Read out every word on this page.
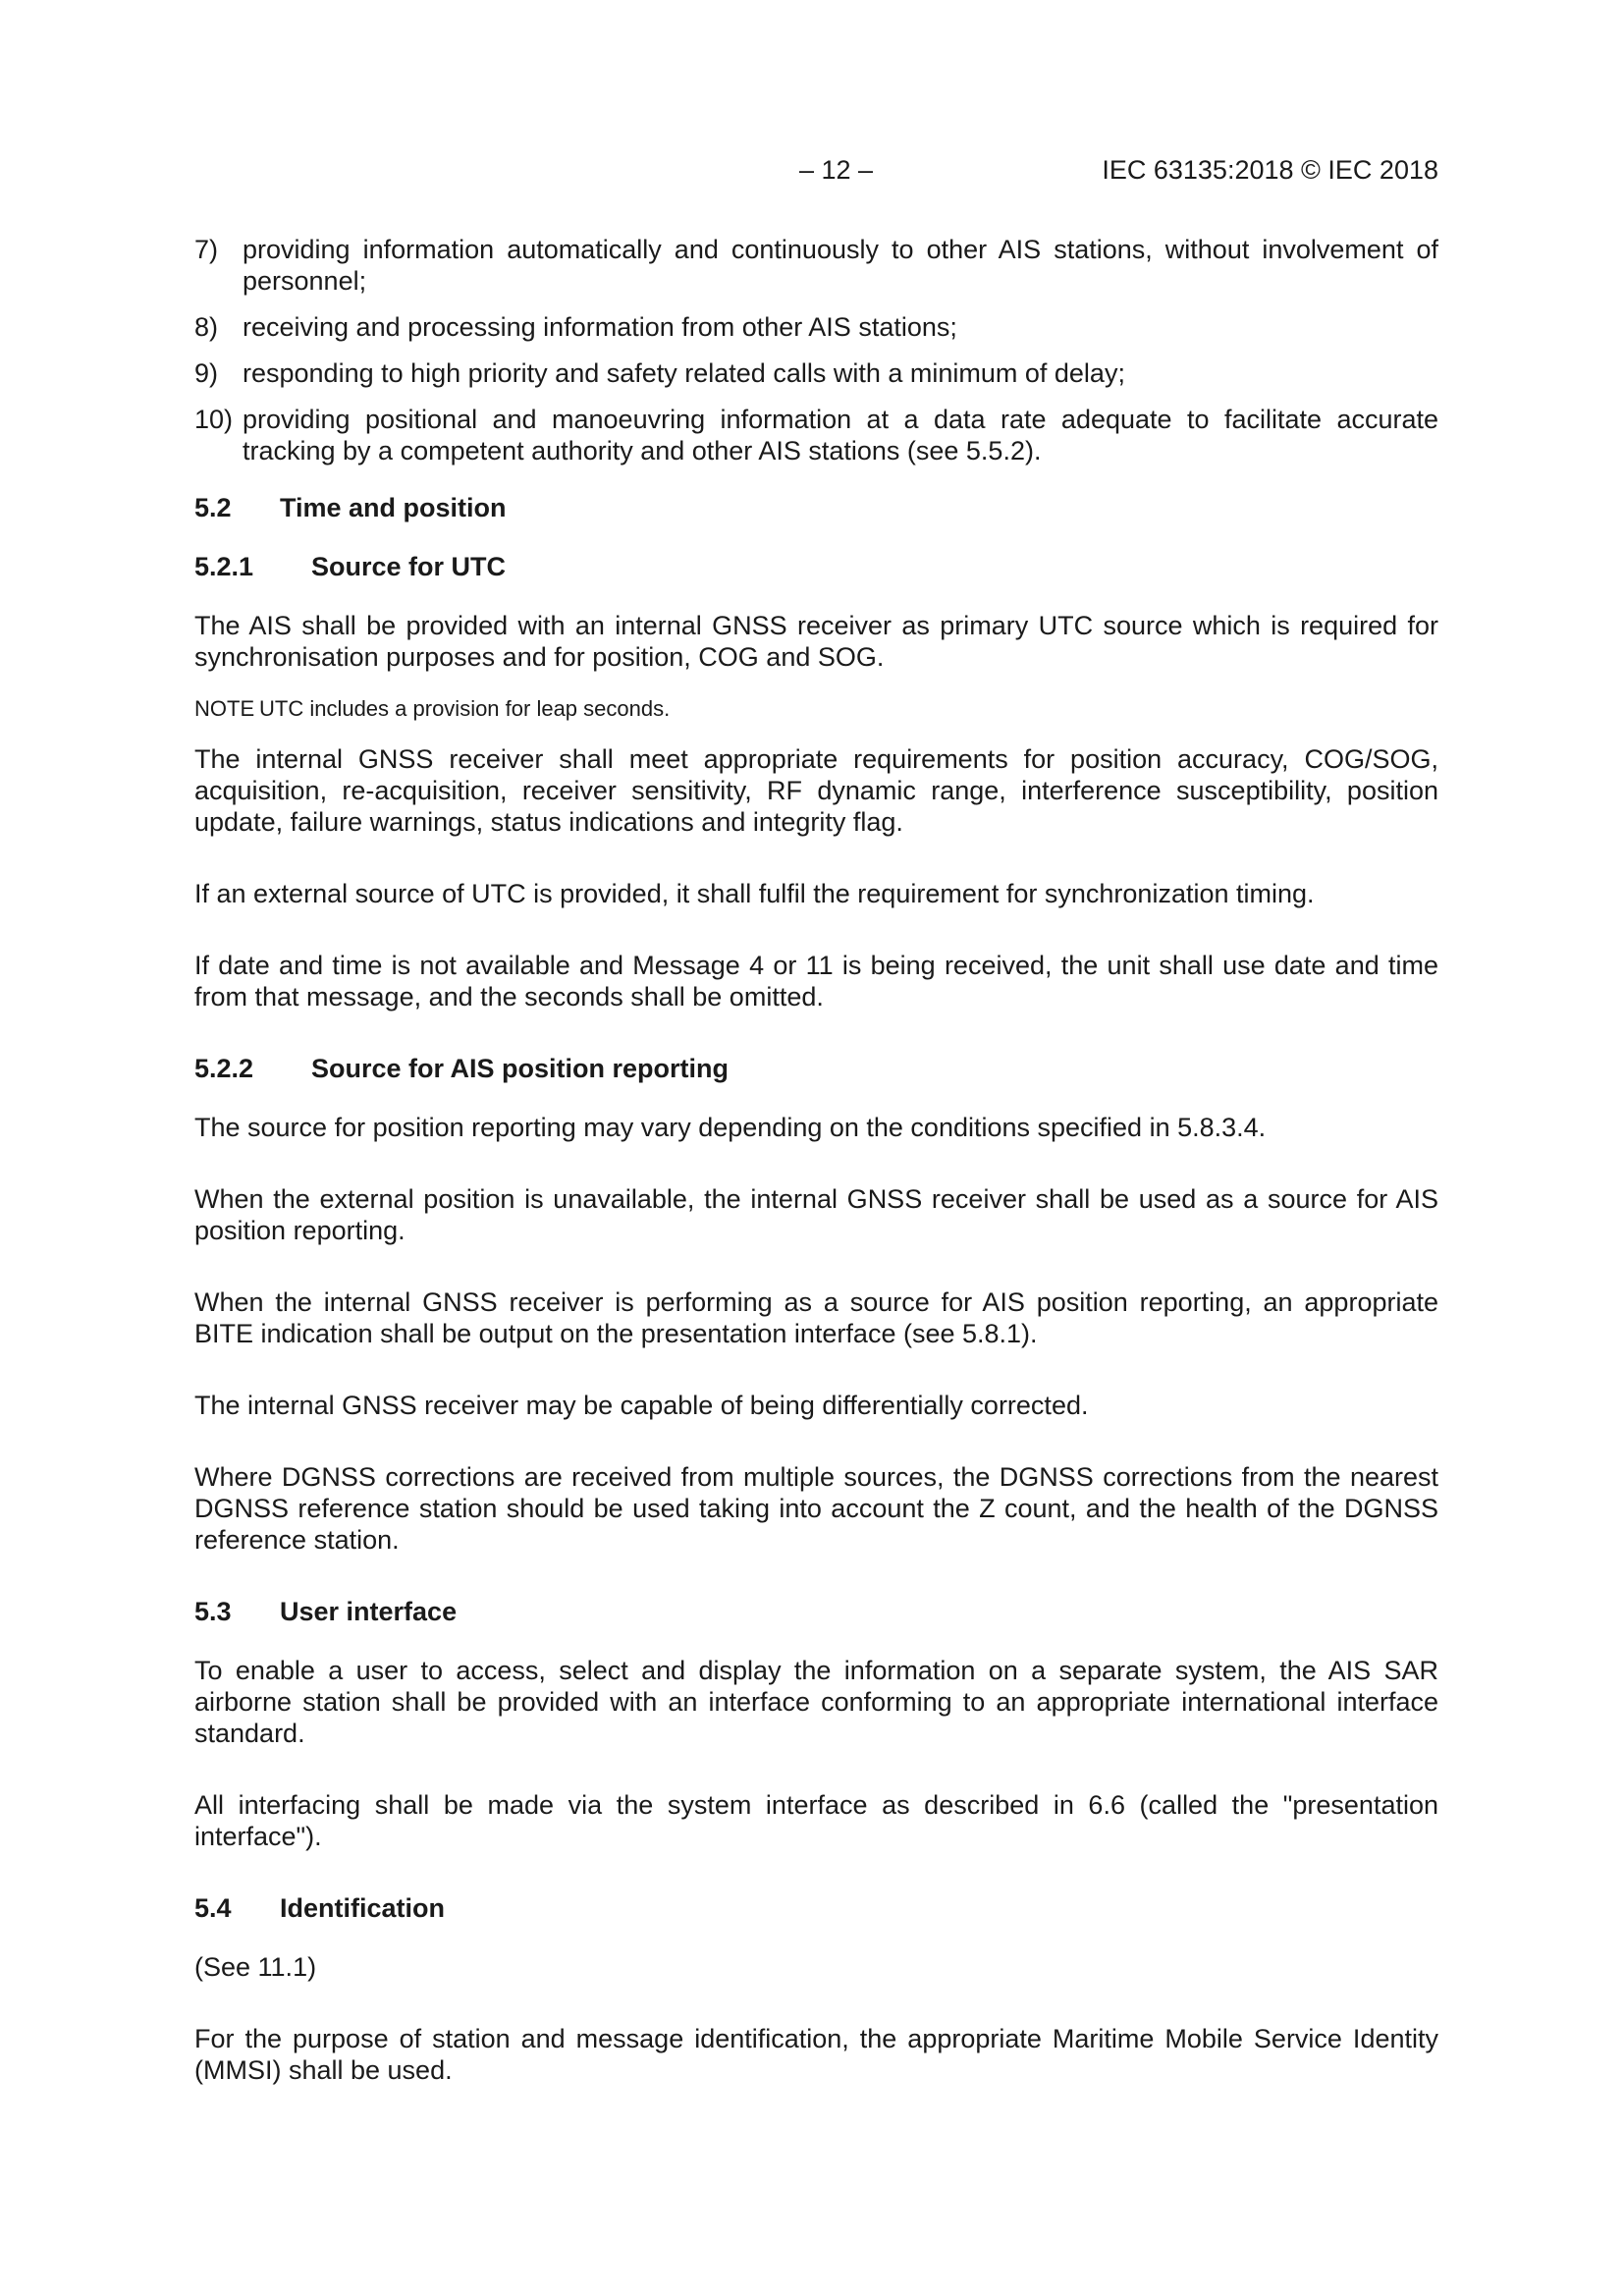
– 12 –	IEC 63135:2018 © IEC 2018
7) providing information automatically and continuously to other AIS stations, without involvement of personnel;
8) receiving and processing information from other AIS stations;
9) responding to high priority and safety related calls with a minimum of delay;
10) providing positional and manoeuvring information at a data rate adequate to facilitate accurate tracking by a competent authority and other AIS stations (see 5.5.2).
5.2 Time and position
5.2.1 Source for UTC

The AIS shall be provided with an internal GNSS receiver as primary UTC source which is required for synchronisation purposes and for position, COG and SOG.

NOTE UTC includes a provision for leap seconds.

The internal GNSS receiver shall meet appropriate requirements for position accuracy, COG/SOG, acquisition, re-acquisition, receiver sensitivity, RF dynamic range, interference susceptibility, position update, failure warnings, status indications and integrity flag.

If an external source of UTC is provided, it shall fulfil the requirement for synchronization timing.

If date and time is not available and Message 4 or 11 is being received, the unit shall use date and time from that message, and the seconds shall be omitted.

5.2.2 Source for AIS position reporting

The source for position reporting may vary depending on the conditions specified in 5.8.3.4.

When the external position is unavailable, the internal GNSS receiver shall be used as a source for AIS position reporting.

When the internal GNSS receiver is performing as a source for AIS position reporting, an appropriate BITE indication shall be output on the presentation interface (see 5.8.1).

The internal GNSS receiver may be capable of being differentially corrected.

Where DGNSS corrections are received from multiple sources, the DGNSS corrections from the nearest DGNSS reference station should be used taking into account the Z count, and the health of the DGNSS reference station.

5.3 User interface

To enable a user to access, select and display the information on a separate system, the AIS SAR airborne station shall be provided with an interface conforming to an appropriate international interface standard.

All interfacing shall be made via the system interface as described in 6.6 (called the "presentation interface").

5.4 Identification

(See 11.1)

For the purpose of station and message identification, the appropriate Maritime Mobile Service Identity (MMSI) shall be used.
